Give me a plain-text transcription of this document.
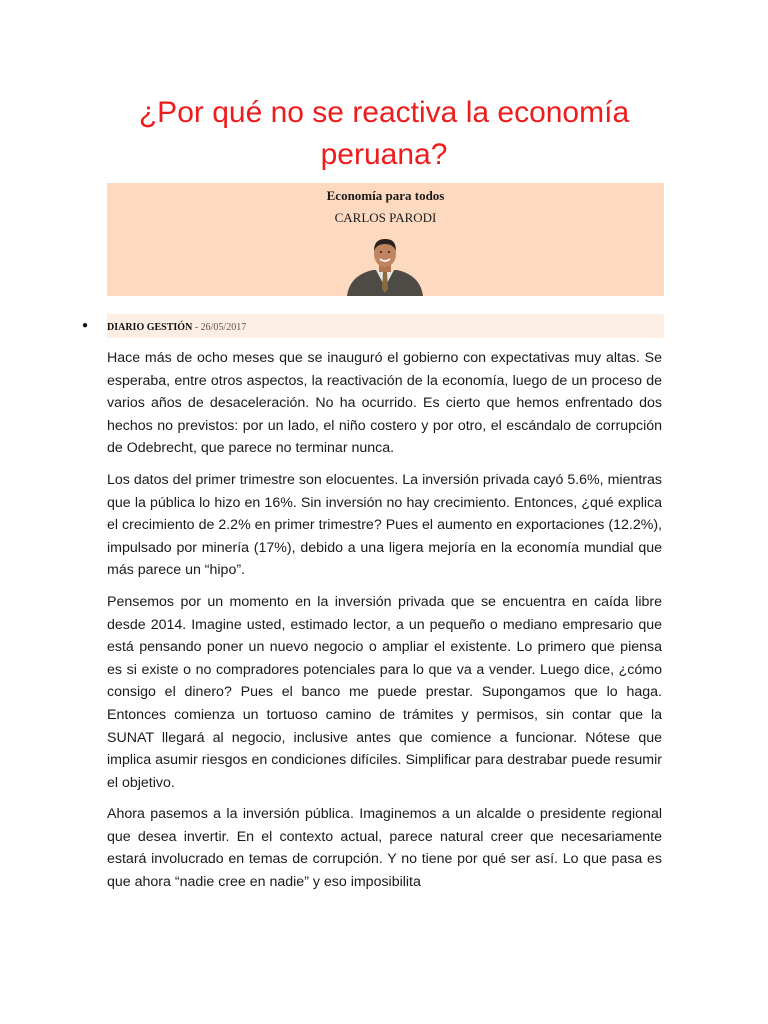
¿Por qué no se reactiva la economía peruana?
Economía para todos
CARLOS PARODI
● DIARIO GESTIÓN - 26/05/2017

Hace más de ocho meses que se inauguró el gobierno con expectativas muy altas. Se esperaba, entre otros aspectos, la reactivación de la economía, luego de un proceso de varios años de desaceleración. No ha ocurrido. Es cierto que hemos enfrentado dos hechos no previstos: por un lado, el niño costero y por otro, el escándalo de corrupción de Odebrecht, que parece no terminar nunca.

Los datos del primer trimestre son elocuentes. La inversión privada cayó 5.6%, mientras que la pública lo hizo en 16%. Sin inversión no hay crecimiento. Entonces, ¿qué explica el crecimiento de 2.2% en primer trimestre? Pues el aumento en exportaciones (12.2%), impulsado por minería (17%), debido a una ligera mejoría en la economía mundial que más parece un “hipo”.

Pensemos por un momento en la inversión privada que se encuentra en caída libre desde 2014. Imagine usted, estimado lector, a un pequeño o mediano empresario que está pensando poner un nuevo negocio o ampliar el existente. Lo primero que piensa es si existe o no compradores potenciales para lo que va a vender. Luego dice, ¿cómo consigo el dinero? Pues el banco me puede prestar. Supongamos que lo haga. Entonces comienza un tortuoso camino de trámites y permisos, sin contar que la SUNAT llegará al negocio, inclusive antes que comience a funcionar. Nótese que implica asumir riesgos en condiciones difíciles. Simplificar para destrabar puede resumir el objetivo.

Ahora pasemos a la inversión pública. Imaginemos a un alcalde o presidente regional que desea invertir. En el contexto actual, parece natural creer que necesariamente estará involucrado en temas de corrupción. Y no tiene por qué ser así. Lo que pasa es que ahora “nadie cree en nadie” y eso imposibilita
